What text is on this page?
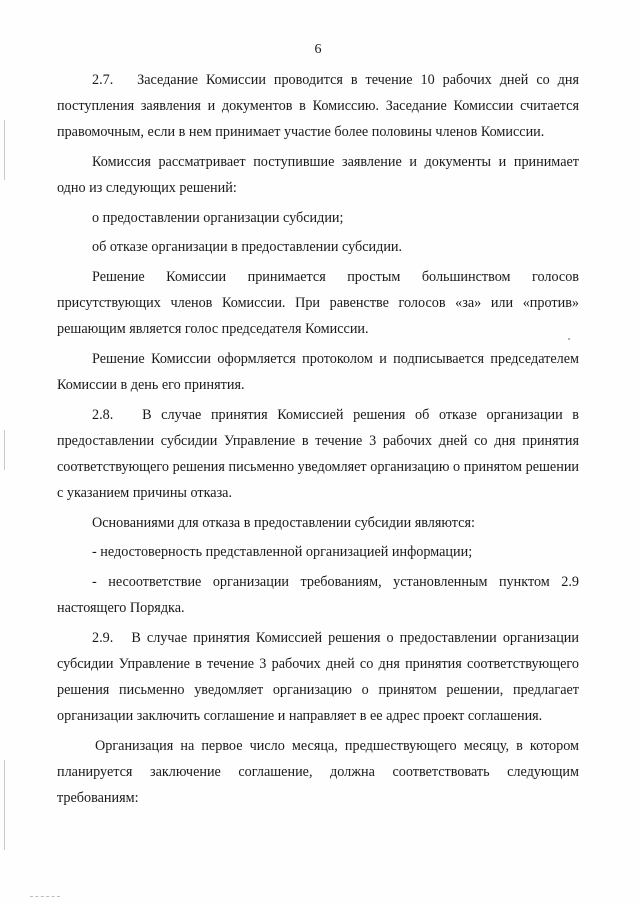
6

2.7.   Заседание Комиссии проводится в течение 10 рабочих дней со дня поступления заявления и документов в Комиссию. Заседание Комиссии считается правомочным, если в нем принимает участие более половины членов Комиссии.

Комиссия рассматривает поступившие заявление и документы и принимает одно из следующих решений:

о предоставлении организации субсидии;

об отказе организации в предоставлении субсидии.

Решение Комиссии принимается простым большинством голосов присутствующих членов Комиссии. При равенстве голосов «за» или «против» решающим является голос председателя Комиссии.

Решение Комиссии оформляется протоколом и подписывается председателем Комиссии в день его принятия.

2.8.   В случае принятия Комиссией решения об отказе организации в предоставлении субсидии Управление в течение 3 рабочих дней со дня принятия соответствующего решения письменно уведомляет организацию о принятом решении с указанием причины отказа.

Основаниями для отказа в предоставлении субсидии являются:

- недостоверность представленной организацией информации;

- несоответствие организации требованиям, установленным пунктом 2.9 настоящего Порядка.

2.9.   В случае принятия Комиссией решения о предоставлении организации субсидии Управление в течение 3 рабочих дней со дня принятия соответствующего решения письменно уведомляет организацию о принятом решении, предлагает организации заключить соглашение и направляет в ее адрес проект соглашения.

Организация на первое число месяца, предшествующего месяцу, в котором планируется заключение соглашение, должна соответствовать следующим требованиям:
